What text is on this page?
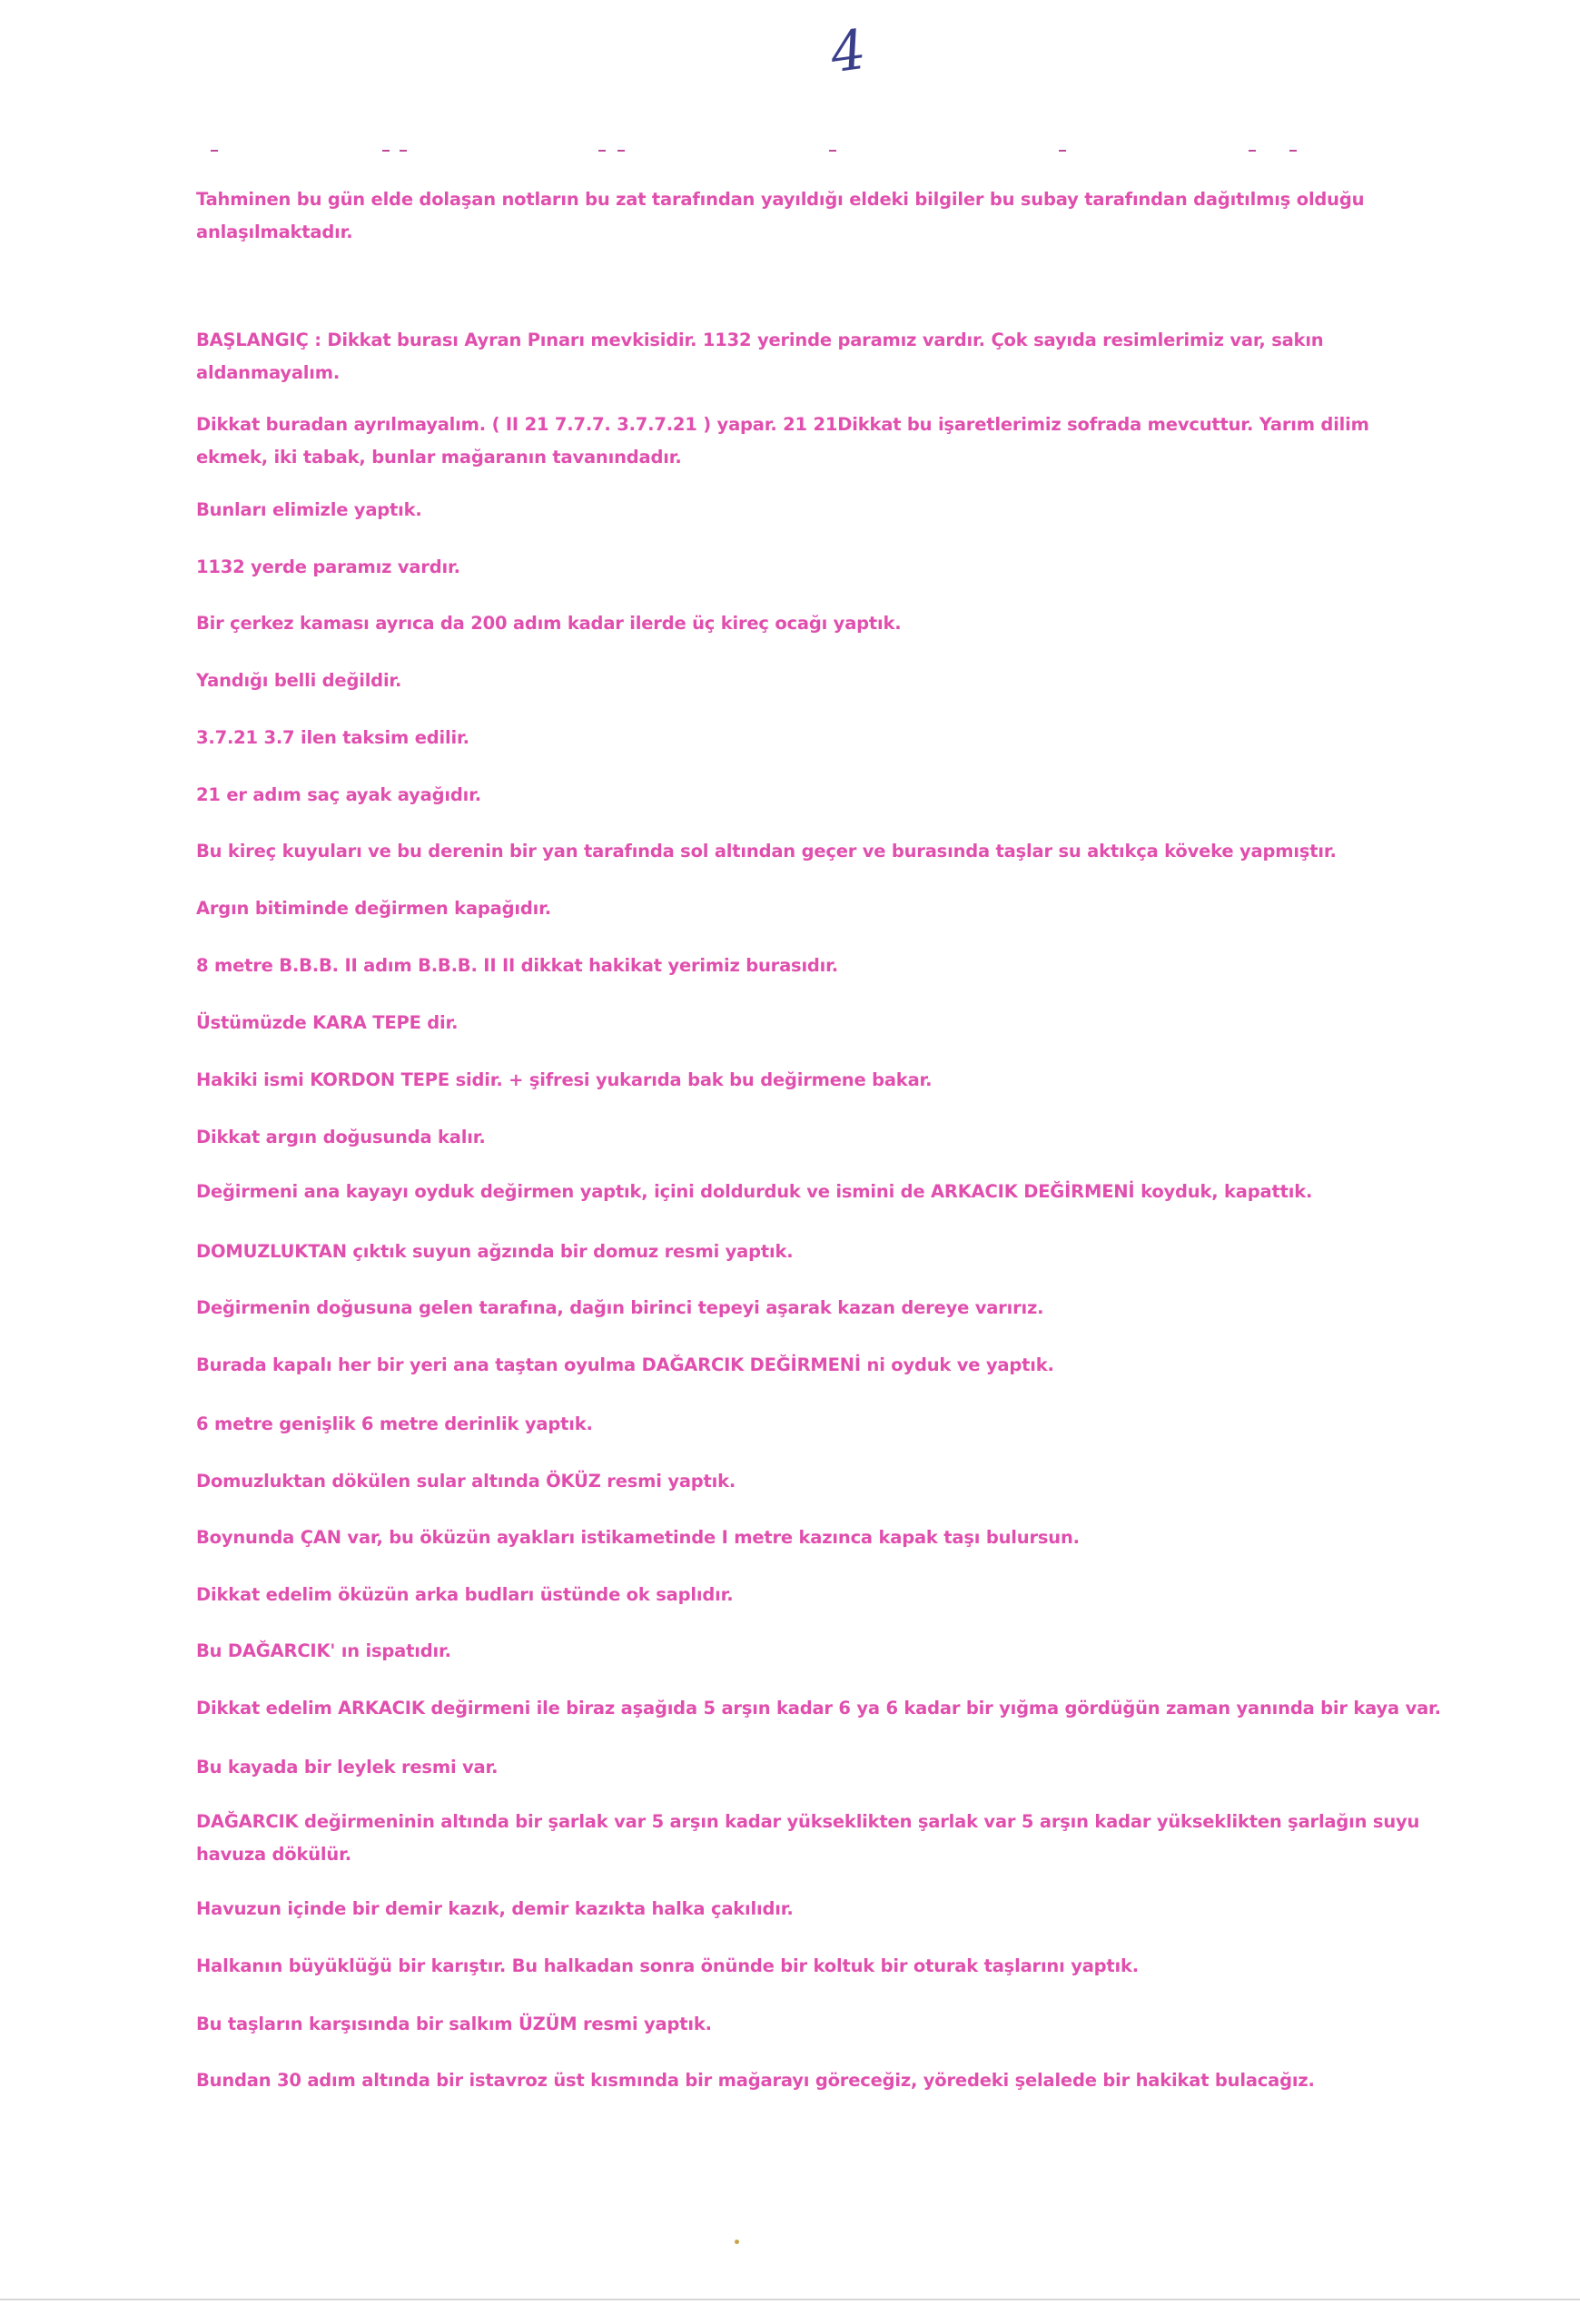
4

Tahminen bu gün elde dolaşan notların bu zat tarafından yayıldığı eldeki bilgiler bu subay tarafından dağıtılmış olduğu anlaşılmaktadır.

BAŞLANGIÇ : Dikkat burası Ayran Pınarı mevkisidir. 1132 yerinde paramız vardır. Çok sayıda resimlerimiz var, sakın aldanmayalım.

Dikkat buradan ayrılmayalım. ( II 21 7.7.7. 3.7.7.21 ) yapar. 21 21Dikkat bu işaretlerimiz sofrada mevcuttur. Yarım dilim ekmek, iki tabak, bunlar mağaranın tavanındadır.

Bunları elimizle yaptık.

1132 yerde paramız vardır.

Bir çerkez kaması ayrıca da 200 adım kadar ilerde üç kireç ocağı yaptık.

Yandığı belli değildir.

3.7.21 3.7 ilen taksim edilir.

21 er adım saç ayak ayağıdır.

Bu kireç kuyuları ve bu derenin bir yan tarafında sol altından geçer ve burasında taşlar su aktıkça köveke yapmıştır.

Argın bitiminde değirmen kapağıdır.

8 metre B.B.B. II adım B.B.B. II II dikkat hakikat yerimiz burasıdır.

Üstümüzde KARA TEPE dir.

Hakiki ismi KORDON TEPE sidir. + şifresi yukarıda bak bu değirmene bakar.

Dikkat argın doğusunda kalır.

Değirmeni ana kayayı oyduk değirmen yaptık, içini doldurduk ve ismini de ARKACIK DEĞİRMENİ koyduk, kapattık.

DOMUZLUKTAN çıktık suyun ağzında bir domuz resmi yaptık.

Değirmenin doğusuna gelen tarafına, dağın birinci tepeyi aşarak kazan dereye varırız.

Burada kapalı her bir yeri ana taştan oyulma DAĞARCIK DEĞİRMENİ ni oyduk ve yaptık.

6 metre genişlik 6 metre derinlik yaptık.

Domuzluktan dökülen sular altında ÖKÜZ resmi yaptık.

Boynunda ÇAN var, bu öküzün ayakları istikametinde I metre kazınca kapak taşı bulursun.

Dikkat edelim öküzün arka budları üstünde ok saplıdır.

Bu DAĞARCIK' ın ispatıdır.

Dikkat edelim ARKACIK değirmeni ile biraz aşağıda 5 arşın kadar 6 ya 6 kadar bir yığma gördüğün zaman yanında bir kaya var.

Bu kayada bir leylek resmi var.

DAĞARCIK değirmeninin altında bir şarlak var 5 arşın kadar yükseklikten şarlak var 5 arşın kadar yükseklikten şarlağın suyu havuza dökülür.

Havuzun içinde bir demir kazık, demir kazıkta halka çakılıdır.

Halkanın büyüklüğü bir karıştır. Bu halkadan sonra önünde bir koltuk bir oturak taşlarını yaptık.

Bu taşların karşısında bir salkım ÜZÜM resmi yaptık.

Bundan 30 adım altında bir istavroz üst kısmında bir mağarayı göreceğiz, yöredeki şelalede bir hakikat bulacağız.
